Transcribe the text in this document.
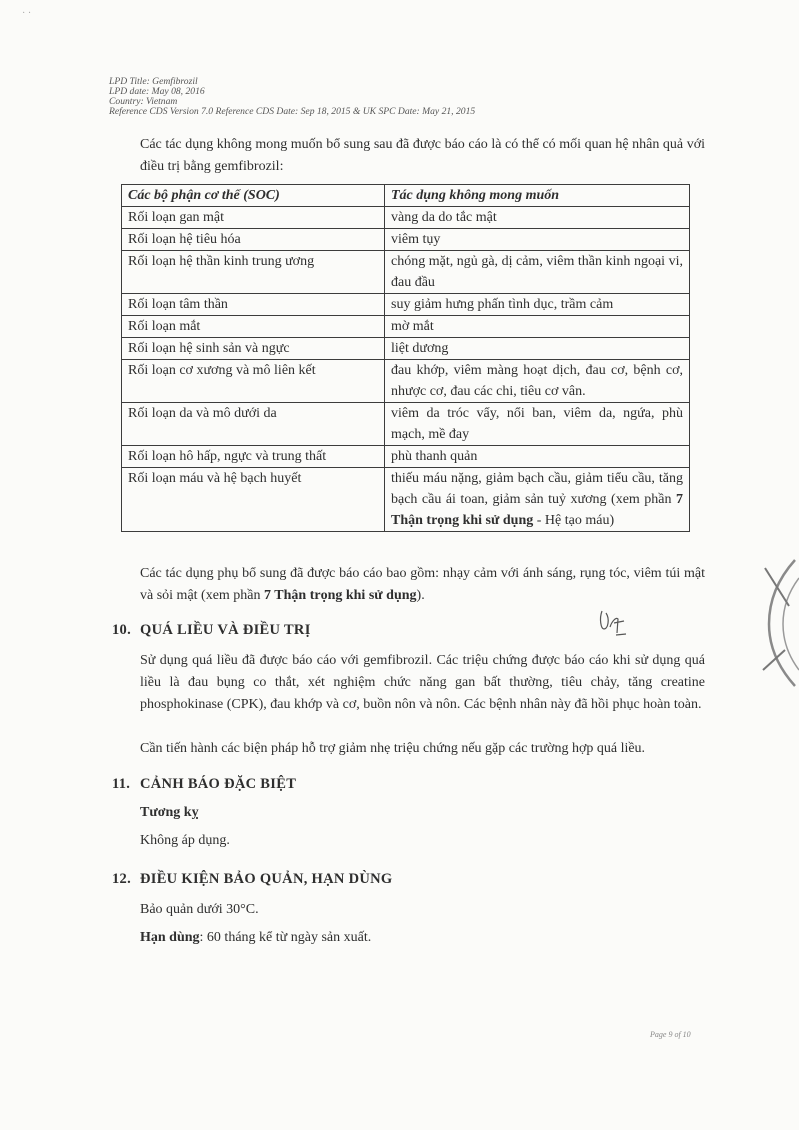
· ·
LPD Title: Gemfibrozil
LPD date: May 08, 2016
Country: Vietnam
Reference CDS Version 7.0 Reference CDS Date: Sep 18, 2015 & UK SPC Date: May 21, 2015
Các tác dụng không mong muốn bổ sung sau đã được báo cáo là có thể có mối quan hệ nhân quả với điều trị bằng gemfibrozil:
Các bộ phận cơ thể (SOC)	Tác dụng không mong muốn
Rối loạn gan mật	vàng da do tắc mật
Rối loạn hệ tiêu hóa	viêm tụy
Rối loạn hệ thần kinh trung ương	chóng mặt, ngủ gà, dị cảm, viêm thần kinh ngoại vi, đau đầu
Rối loạn tâm thần	suy giảm hưng phấn tình dục, trầm cảm
Rối loạn mắt	mờ mắt
Rối loạn hệ sinh sản và ngực	liệt dương
Rối loạn cơ xương và mô liên kết	đau khớp, viêm màng hoạt dịch, đau cơ, bệnh cơ, nhược cơ, đau các chi, tiêu cơ vân.
Rối loạn da và mô dưới da	viêm da tróc vẩy, nổi ban, viêm da, ngứa, phù mạch, mề đay
Rối loạn hô hấp, ngực và trung thất	phù thanh quản
Rối loạn máu và hệ bạch huyết	thiếu máu nặng, giảm bạch cầu, giảm tiểu cầu, tăng bạch cầu ái toan, giảm sản tuỷ xương (xem phần 7 Thận trọng khi sử dụng - Hệ tạo máu)
Các tác dụng phụ bổ sung đã được báo cáo bao gồm: nhạy cảm với ánh sáng, rụng tóc, viêm túi mật và sỏi mật (xem phần 7 Thận trọng khi sử dụng).
10. QUÁ LIỀU VÀ ĐIỀU TRỊ
Sử dụng quá liều đã được báo cáo với gemfibrozil. Các triệu chứng được báo cáo khi sử dụng quá liều là đau bụng co thắt, xét nghiệm chức năng gan bất thường, tiêu chảy, tăng creatine phosphokinase (CPK), đau khớp và cơ, buồn nôn và nôn. Các bệnh nhân này đã hồi phục hoàn toàn.
Cần tiến hành các biện pháp hỗ trợ giảm nhẹ triệu chứng nếu gặp các trường hợp quá liều.
11. CẢNH BÁO ĐẶC BIỆT
Tương kỵ
Không áp dụng.
12. ĐIỀU KIỆN BẢO QUẢN, HẠN DÙNG
Bảo quản dưới 30°C.
Hạn dùng: 60 tháng kể từ ngày sản xuất.
Page 9 of 10
